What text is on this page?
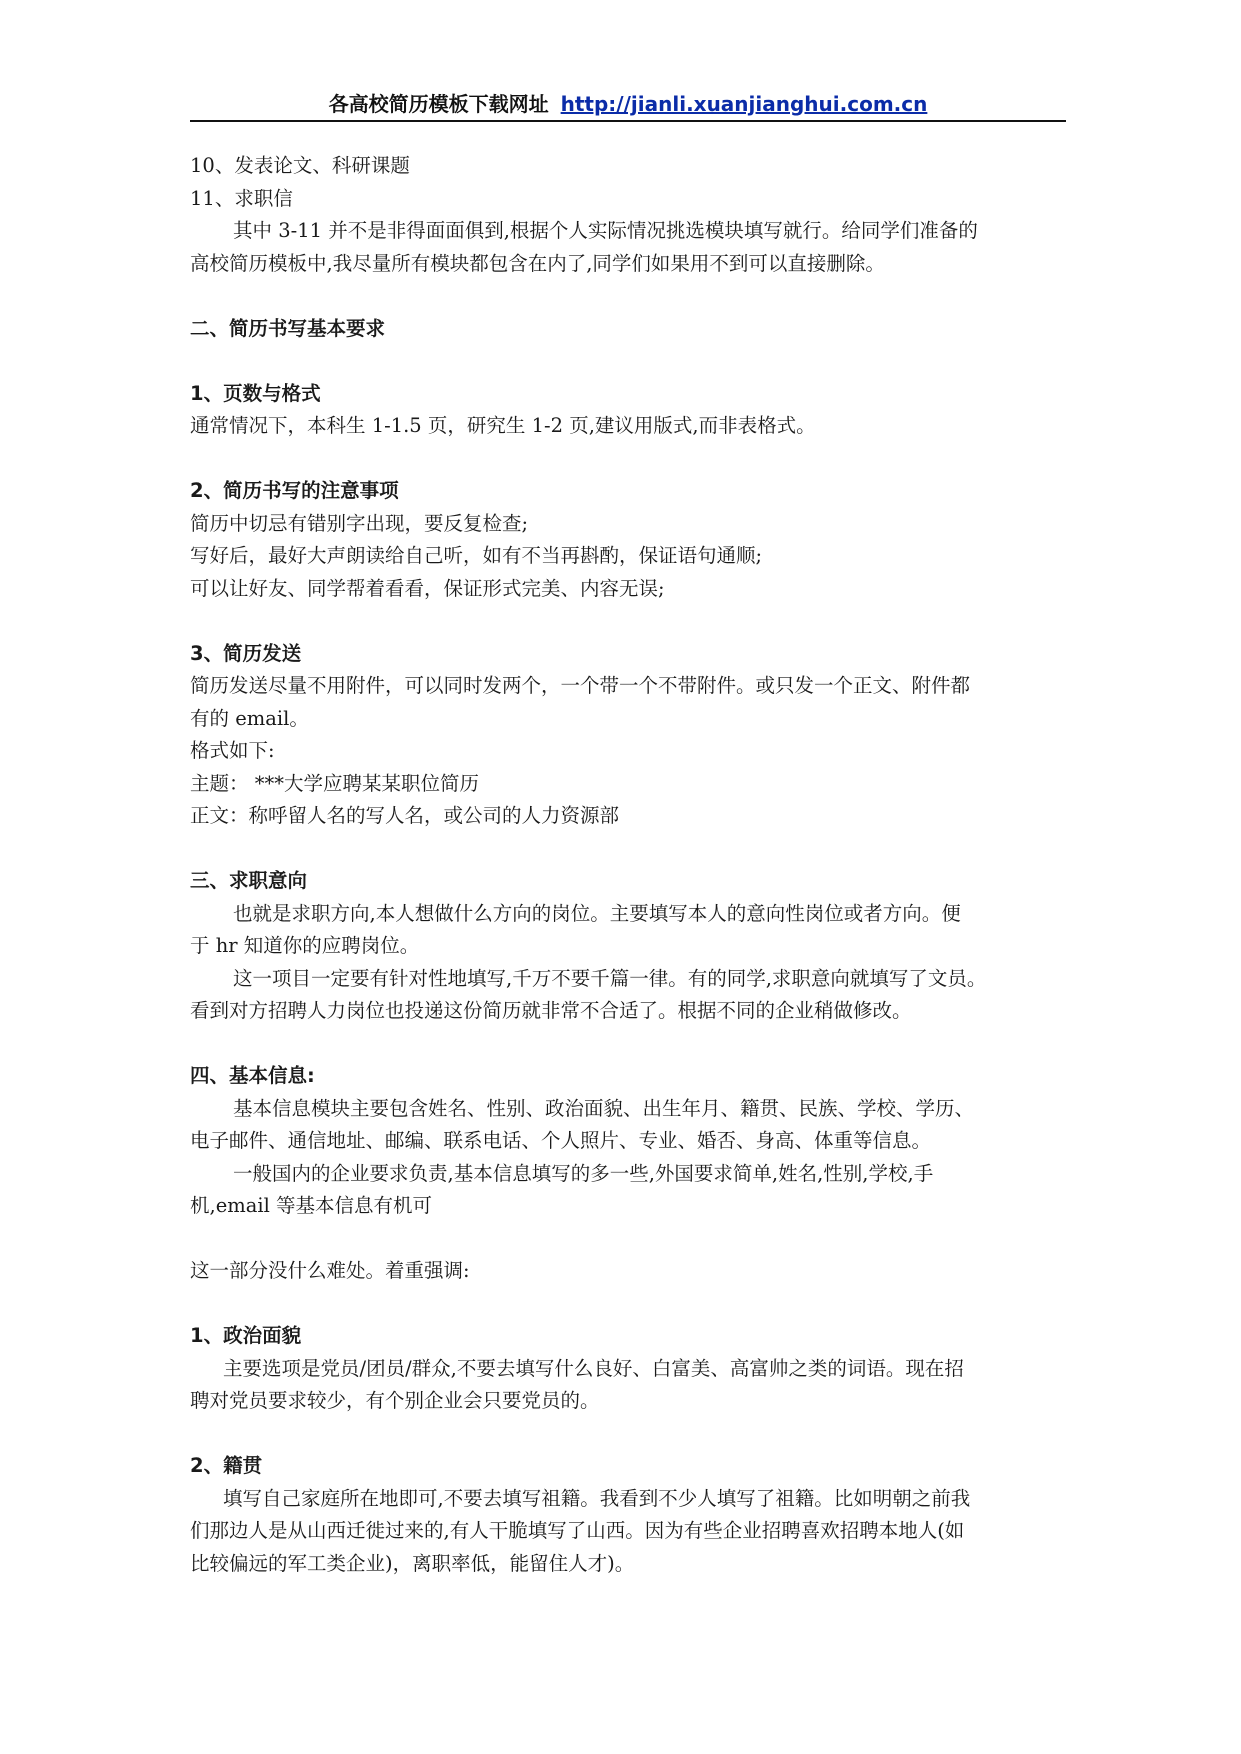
各高校简历模板下载网址 http://jianli.xuanjianghui.com.cn

10、发表论文、科研课题

11、求职信

其中 3-11 并不是非得面面俱到,根据个人实际情况挑选模块填写就行。给同学们准备的

高校简历模板中,我尽量所有模块都包含在内了,同学们如果用不到可以直接删除。

二、简历书写基本要求

1、页数与格式

通常情况下，本科生 1-1.5 页，研究生 1-2 页,建议用版式,而非表格式。

2、简历书写的注意事项

简历中切忌有错别字出现，要反复检查;

写好后，最好大声朗读给自己听，如有不当再斟酌，保证语句通顺;

可以让好友、同学帮着看看，保证形式完美、内容无误;

3、简历发送

简历发送尽量不用附件，可以同时发两个，一个带一个不带附件。或只发一个正文、附件都

有的 email。

格式如下:

主题： ***大学应聘某某职位简历

正文：称呼留人名的写人名，或公司的人力资源部

三、求职意向

也就是求职方向,本人想做什么方向的岗位。主要填写本人的意向性岗位或者方向。便

于 hr 知道你的应聘岗位。

这一项目一定要有针对性地填写,千万不要千篇一律。有的同学,求职意向就填写了文员。

看到对方招聘人力岗位也投递这份简历就非常不合适了。根据不同的企业稍做修改。

四、基本信息:

基本信息模块主要包含姓名、性别、政治面貌、出生年月、籍贯、民族、学校、学历、

电子邮件、通信地址、邮编、联系电话、个人照片、专业、婚否、身高、体重等信息。

一般国内的企业要求负责,基本信息填写的多一些,外国要求简单,姓名,性别,学校,手

机,email 等基本信息有机可

这一部分没什么难处。着重强调:

1、政治面貌

主要选项是党员/团员/群众,不要去填写什么良好、白富美、高富帅之类的词语。现在招

聘对党员要求较少，有个别企业会只要党员的。

2、籍贯

填写自己家庭所在地即可,不要去填写祖籍。我看到不少人填写了祖籍。比如明朝之前我

们那边人是从山西迁徙过来的,有人干脆填写了山西。因为有些企业招聘喜欢招聘本地人(如

比较偏远的军工类企业)，离职率低，能留住人才)。
